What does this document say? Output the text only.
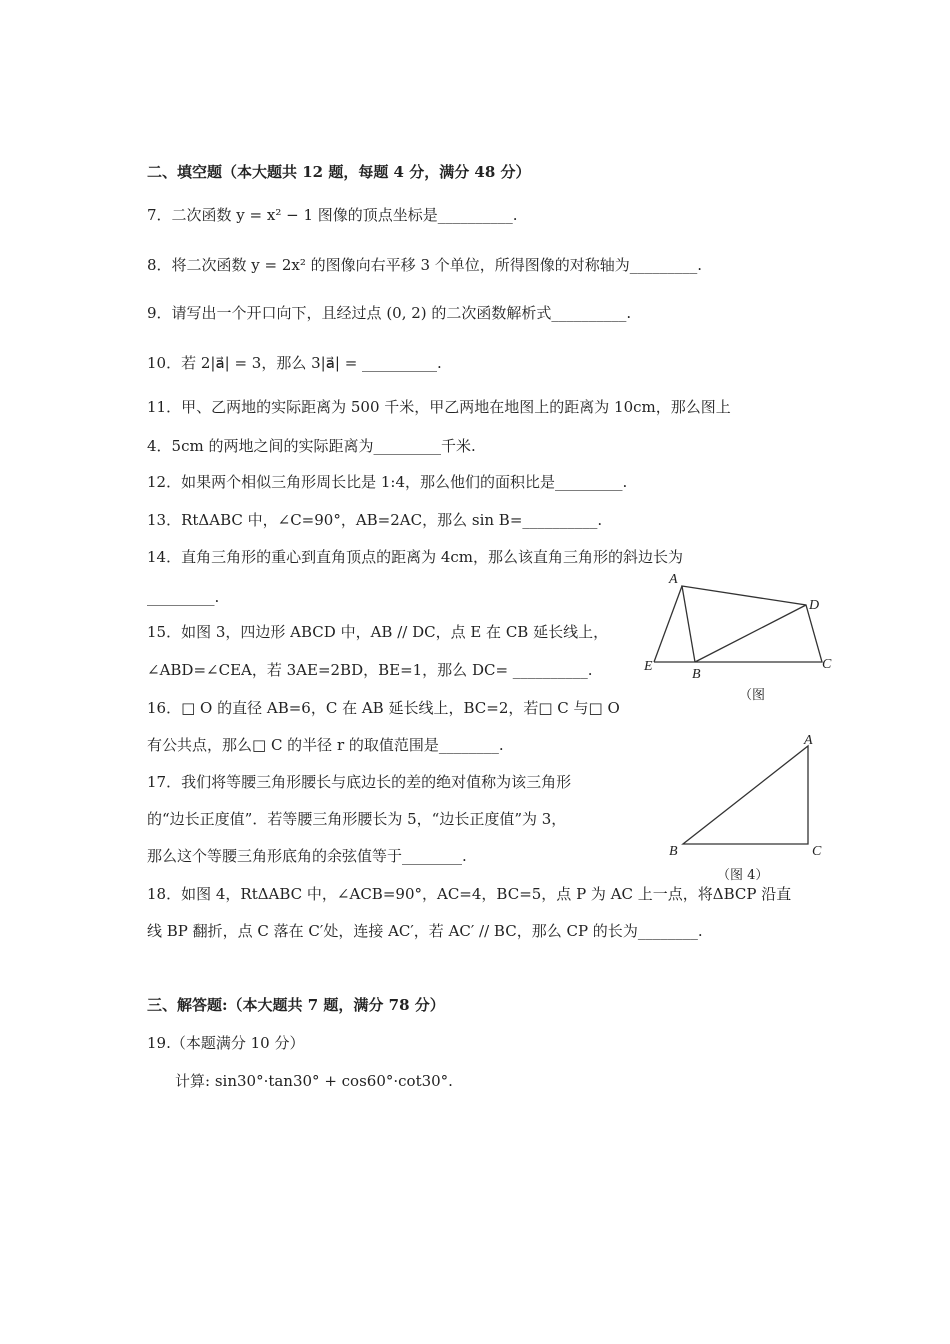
二、填空题（本大题共 12 题，每题 4 分，满分 48 分）
7．二次函数 y = x² − 1 图像的顶点坐标是__________.
8．将二次函数 y = 2x² 的图像向右平移 3 个单位，所得图像的对称轴为_________.
9．请写出一个开口向下，且经过点 (0, 2) 的二次函数解析式__________.
10．若 2|a⃗| = 3，那么 3|a⃗| = __________.
11．甲、乙两地的实际距离为 500 千米，甲乙两地在地图上的距离为 10cm，那么图上
4．5cm 的两地之间的实际距离为_________千米.
12．如果两个相似三角形周长比是 1:4，那么他们的面积比是_________.
13．RtΔABC 中，∠C=90°，AB=2AC，那么 sin B=__________.
14．直角三角形的重心到直角顶点的距离为 4cm，那么该直角三角形的斜边长为
_________.
15．如图 3，四边形 ABCD 中，AB // DC，点 E 在 CB 延长线上，
∠ABD=∠CEA，若 3AE=2BD，BE=1，那么 DC= __________.
16．□ O 的直径 AB=6，C 在 AB 延长线上，BC=2，若□ C 与□ O
有公共点，那么□ C 的半径 r 的取值范围是________.
17．我们将等腰三角形腰长与底边长的差的绝对值称为该三角形
的“边长正度值”．若等腰三角形腰长为 5，“边长正度值”为 3，
那么这个等腰三角形底角的余弦值等于________.
18．如图 4，RtΔABC 中，∠ACB=90°，AC=4，BC=5，点 P 为 AC 上一点，将ΔBCP 沿直
线 BP 翻折，点 C 落在 C′处，连接 AC′，若 AC′ // BC，那么 CP 的长为________.
三、解答题:（本大题共 7 题，满分 78 分）
19.（本题满分 10 分）
计算: sin30°·tan30° + cos60°·cot30°.
A
B
C
D
E
（图
A
B	C
（图 4）
